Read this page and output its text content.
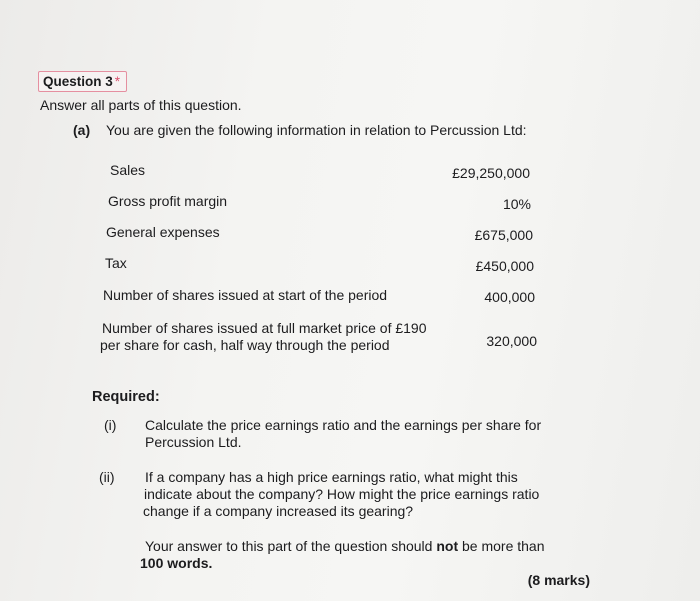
Question 3 *
Answer all parts of this question.
(a) You are given the following information in relation to Percussion Ltd:
Sales	£29,250,000
Gross profit margin	10%
General expenses	£675,000
Tax	£450,000
Number of shares issued at start of the period	400,000
Number of shares issued at full market price of £190
per share for cash, half way through the period	320,000
Required:
(i) Calculate the price earnings ratio and the earnings per share for
Percussion Ltd.
(ii) If a company has a high price earnings ratio, what might this
indicate about the company? How might the price earnings ratio
change if a company increased its gearing?
Your answer to this part of the question should not be more than
100 words.
(8 marks)
